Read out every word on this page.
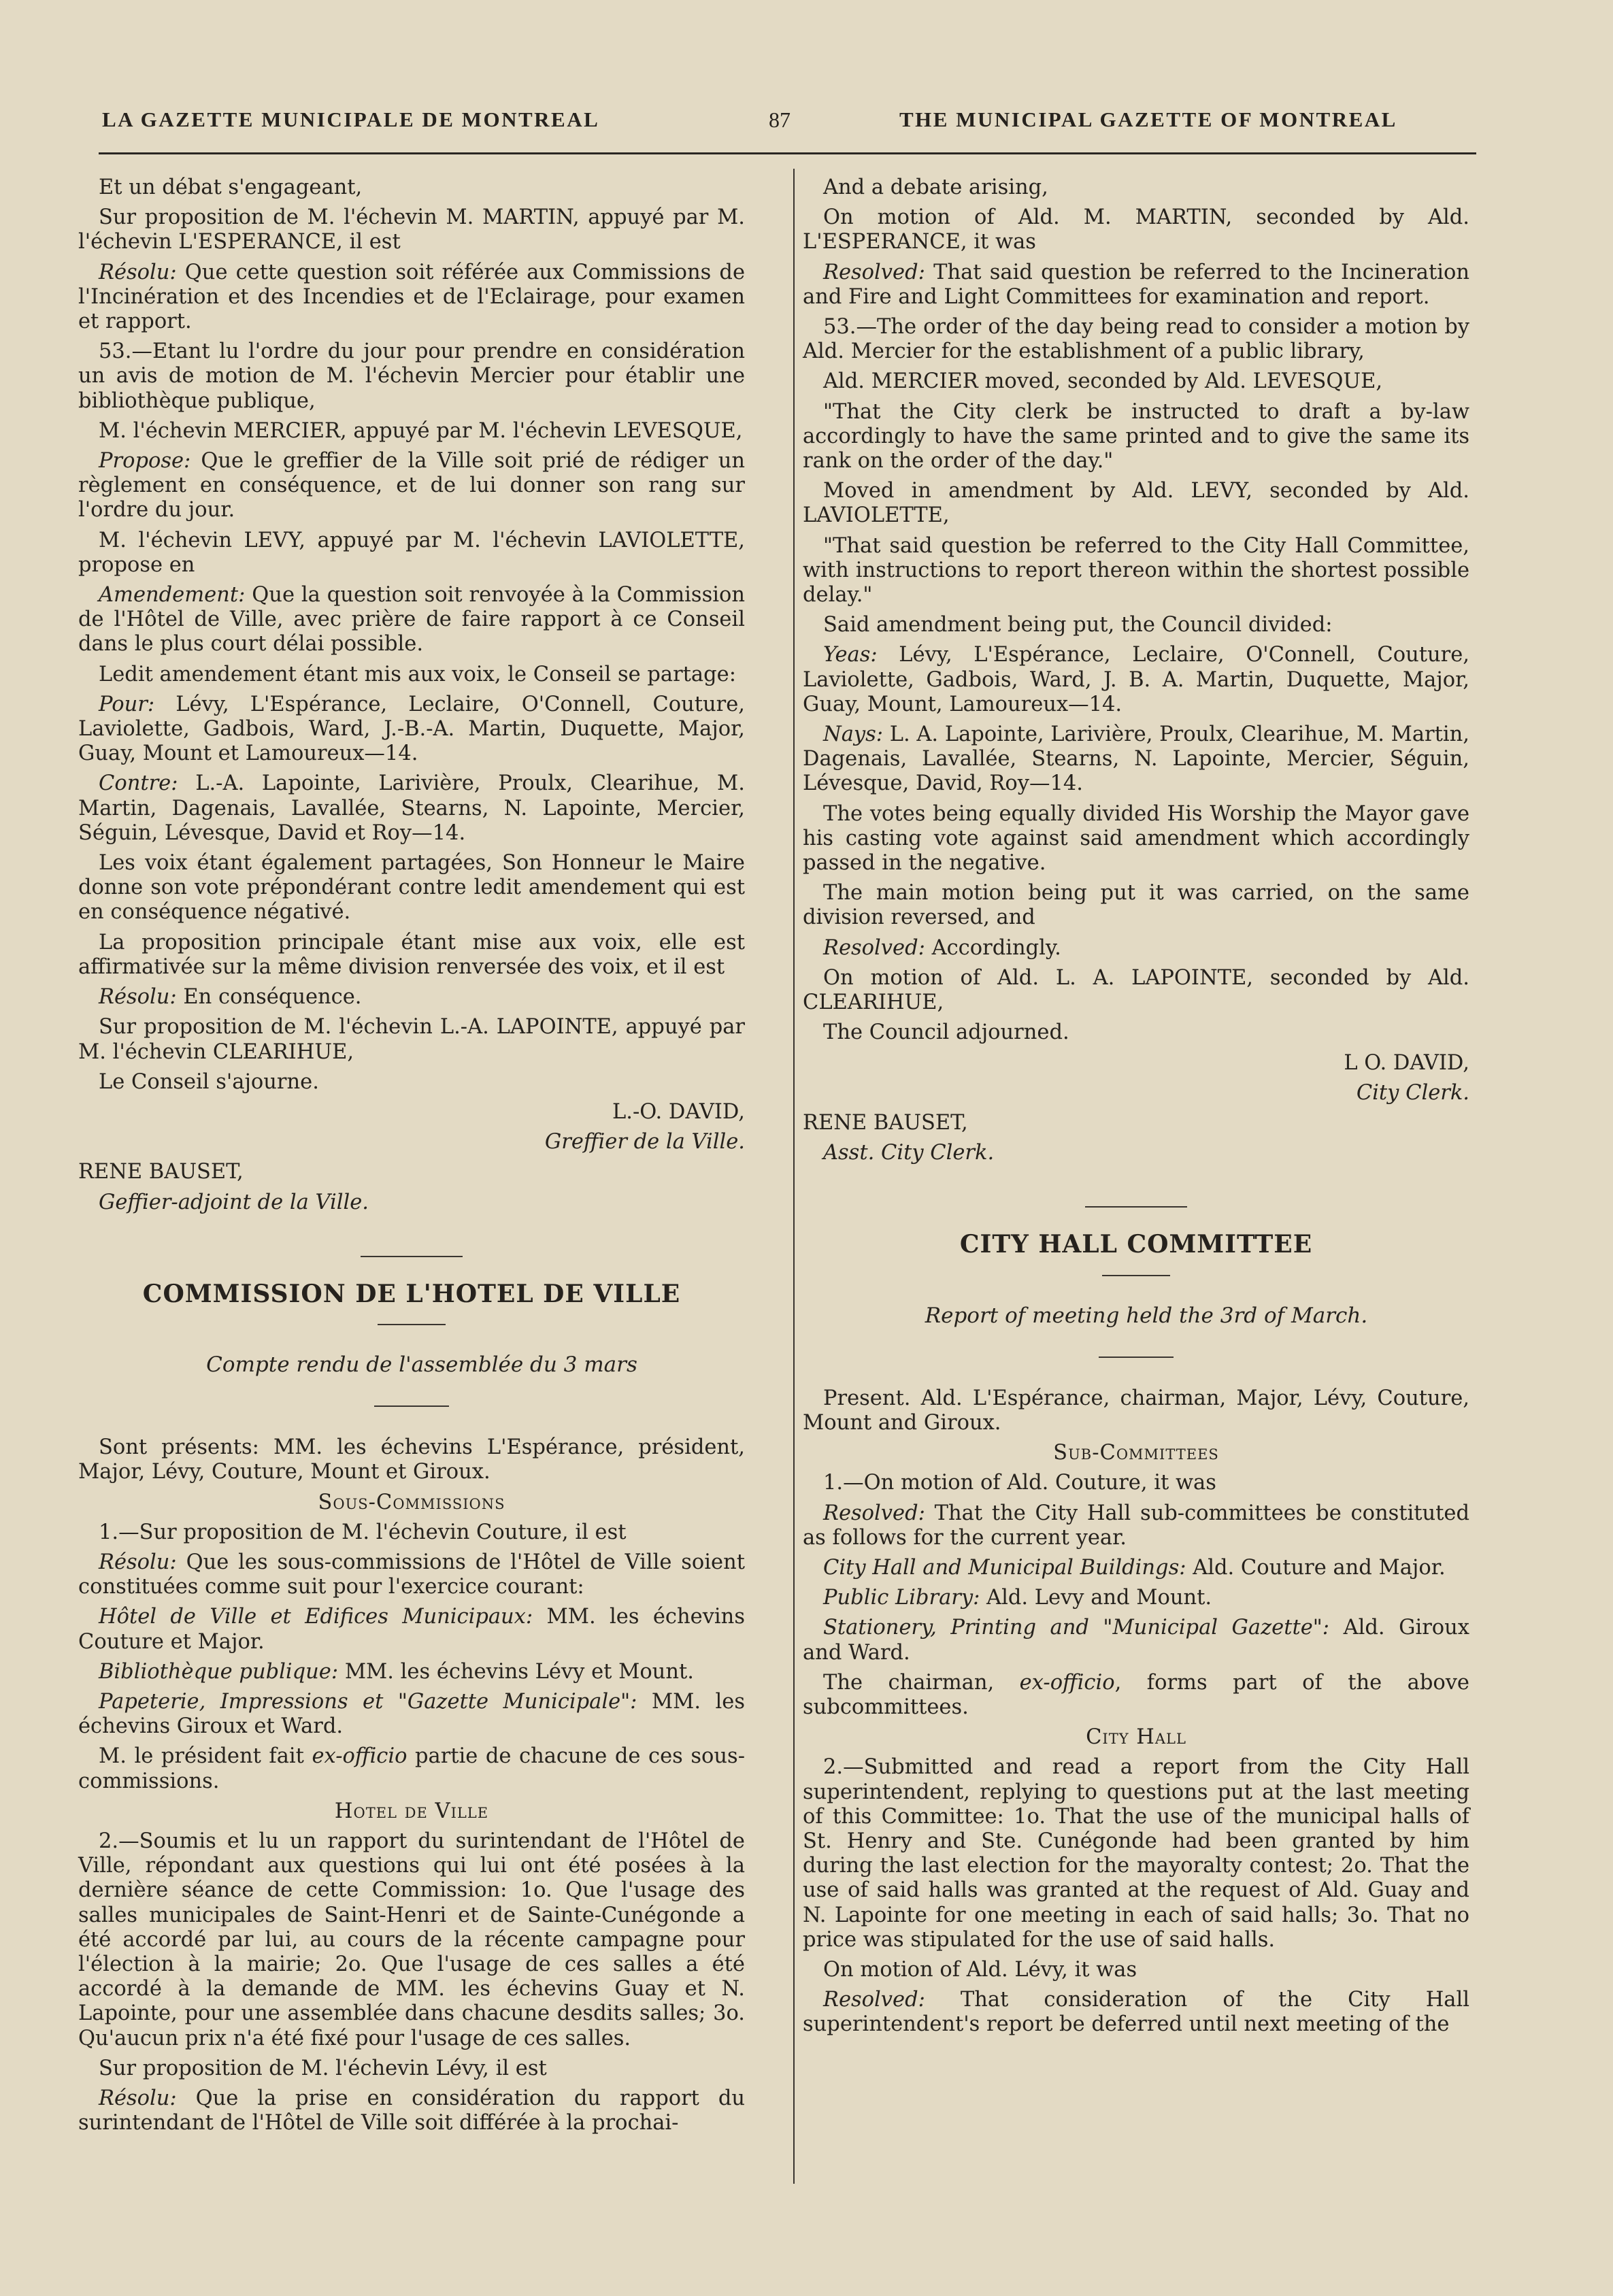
LA GAZETTE MUNICIPALE DE MONTREAL	87	THE MUNICIPAL GAZETTE OF MONTREAL

Et un débat s'engageant,

Sur proposition de M. l'échevin M. MARTIN, appuyé par M. l'échevin L'ESPERANCE, il est

Résolu: Que cette question soit référée aux Commissions de l'Incinération et des Incendies et de l'Eclairage, pour examen et rapport.

53.—Etant lu l'ordre du jour pour prendre en considération un avis de motion de M. l'échevin Mercier pour établir une bibliothèque publique,

M. l'échevin MERCIER, appuyé par M. l'échevin LEVESQUE,

Propose: Que le greffier de la Ville soit prié de rédiger un règlement en conséquence, et de lui donner son rang sur l'ordre du jour.

M. l'échevin LEVY, appuyé par M. l'échevin LAVIOLETTE, propose en

Amendement: Que la question soit renvoyée à la Commission de l'Hôtel de Ville, avec prière de faire rapport à ce Conseil dans le plus court délai possible.

Ledit amendement étant mis aux voix, le Conseil se partage:

Pour: Lévy, L'Espérance, Leclaire, O'Connell, Couture, Laviolette, Gadbois, Ward, J.-B.-A. Martin, Duquette, Major, Guay, Mount et Lamoureux—14.

Contre: L.-A. Lapointe, Larivière, Proulx, Clearihue, M. Martin, Dagenais, Lavallée, Stearns, N. Lapointe, Mercier, Séguin, Lévesque, David et Roy—14.

Les voix étant également partagées, Son Honneur le Maire donne son vote prépondérant contre ledit amendement qui est en conséquence négativé.

La proposition principale étant mise aux voix, elle est affirmativée sur la même division renversée des voix, et il est

Résolu: En conséquence.

Sur proposition de M. l'échevin L.-A. LAPOINTE, appuyé par M. l'échevin CLEARIHUE,

Le Conseil s'ajourne.

L.-O. DAVID,

Greffier de la Ville.

RENE BAUSET,

Geffier-adjoint de la Ville.

COMMISSION DE L'HOTEL DE VILLE

Compte rendu de l'assemblée du 3 mars

Sont présents: MM. les échevins L'Espérance, président, Major, Lévy, Couture, Mount et Giroux.

Sous-Commissions

1.—Sur proposition de M. l'échevin Couture, il est

Résolu: Que les sous-commissions de l'Hôtel de Ville soient constituées comme suit pour l'exercice courant:

Hôtel de Ville et Edifices Municipaux: MM. les échevins Couture et Major.

Bibliothèque publique: MM. les échevins Lévy et Mount.

Papeterie, Impressions et "Gazette Municipale": MM. les échevins Giroux et Ward.

M. le président fait ex-officio partie de chacune de ces sous-commissions.

Hotel de Ville

2.—Soumis et lu un rapport du surintendant de l'Hôtel de Ville, répondant aux questions qui lui ont été posées à la dernière séance de cette Commission: 1o. Que l'usage des salles municipales de Saint-Henri et de Sainte-Cunégonde a été accordé par lui, au cours de la récente campagne pour l'élection à la mairie; 2o. Que l'usage de ces salles a été accordé à la demande de MM. les échevins Guay et N. Lapointe, pour une assemblée dans chacune desdits salles; 3o. Qu'aucun prix n'a été fixé pour l'usage de ces salles.

Sur proposition de M. l'échevin Lévy, il est

Résolu: Que la prise en considération du rapport du surintendant de l'Hôtel de Ville soit différée à la prochai-

And a debate arising,

On motion of Ald. M. MARTIN, seconded by Ald. L'ESPERANCE, it was

Resolved: That said question be referred to the Incineration and Fire and Light Committees for examination and report.

53.—The order of the day being read to consider a motion by Ald. Mercier for the establishment of a public library,

Ald. MERCIER moved, seconded by Ald. LEVESQUE,

"That the City clerk be instructed to draft a by-law accordingly to have the same printed and to give the same its rank on the order of the day."

Moved in amendment by Ald. LEVY, seconded by Ald. LAVIOLETTE,

"That said question be referred to the City Hall Committee, with instructions to report thereon within the shortest possible delay."

Said amendment being put, the Council divided:

Yeas: Lévy, L'Espérance, Leclaire, O'Connell, Couture, Laviolette, Gadbois, Ward, J. B. A. Martin, Duquette, Major, Guay, Mount, Lamoureux—14.

Nays: L. A. Lapointe, Larivière, Proulx, Clearihue, M. Martin, Dagenais, Lavallée, Stearns, N. Lapointe, Mercier, Séguin, Lévesque, David, Roy—14.

The votes being equally divided His Worship the Mayor gave his casting vote against said amendment which accordingly passed in the negative.

The main motion being put it was carried, on the same division reversed, and

Resolved: Accordingly.

On motion of Ald. L. A. LAPOINTE, seconded by Ald. CLEARIHUE,

The Council adjourned.

L O. DAVID,

City Clerk.

RENE BAUSET,

Asst. City Clerk.

CITY HALL COMMITTEE

Report of meeting held the 3rd of March.

Present. Ald. L'Espérance, chairman, Major, Lévy, Couture, Mount and Giroux.

Sub-Committees

1.—On motion of Ald. Couture, it was

Resolved: That the City Hall sub-committees be constituted as follows for the current year.

City Hall and Municipal Buildings: Ald. Couture and Major.

Public Library: Ald. Levy and Mount.

Stationery, Printing and "Municipal Gazette": Ald. Giroux and Ward.

The chairman, ex-officio, forms part of the above subcommittees.

City Hall

2.—Submitted and read a report from the City Hall superintendent, replying to questions put at the last meeting of this Committee: 1o. That the use of the municipal halls of St. Henry and Ste. Cunégonde had been granted by him during the last election for the mayoralty contest; 2o. That the use of said halls was granted at the request of Ald. Guay and N. Lapointe for one meeting in each of said halls; 3o. That no price was stipulated for the use of said halls.

On motion of Ald. Lévy, it was

Resolved: That consideration of the City Hall superintendent's report be deferred until next meeting of the
